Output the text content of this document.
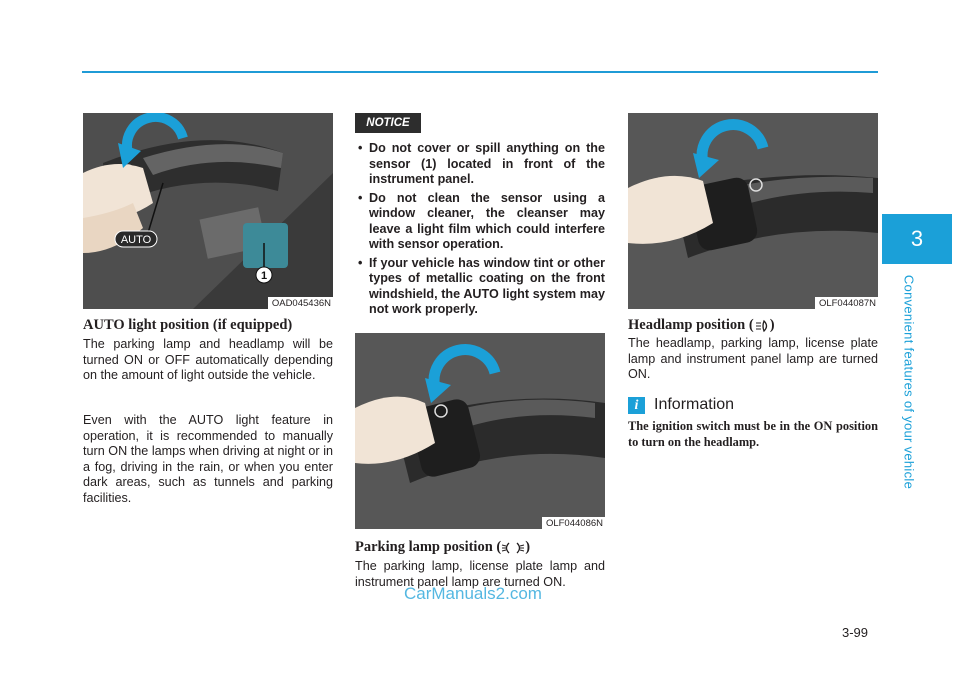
3
Convenient features of your vehicle
AUTO
1
OAD045436N
AUTO light position (if equipped)
The parking lamp and headlamp will be turned ON or OFF automatically depending on the amount of light outside the vehicle.
Even with the AUTO light feature in operation, it is recommended to manually turn ON the lamps when driving at night or in a fog, driving in the rain, or when you enter dark areas, such as tunnels and parking facilities.
NOTICE
• Do not cover or spill anything on the sensor (1) located in front of the instrument panel.
• Do not clean the sensor using a window cleaner, the cleanser may leave a light film which could interfere with sensor operation.
• If your vehicle has window tint or other types of metallic coating on the front windshield, the AUTO light system may not work properly.
OLF044086N
Parking lamp position ( )
The parking lamp, license plate lamp and instrument panel lamp are turned ON.
OLF044087N
Headlamp position ( )
The headlamp, parking lamp, license plate lamp and instrument panel lamp are turned ON.
i Information
The ignition switch must be in the ON position to turn on the headlamp.
3-99
CarManuals2.com
